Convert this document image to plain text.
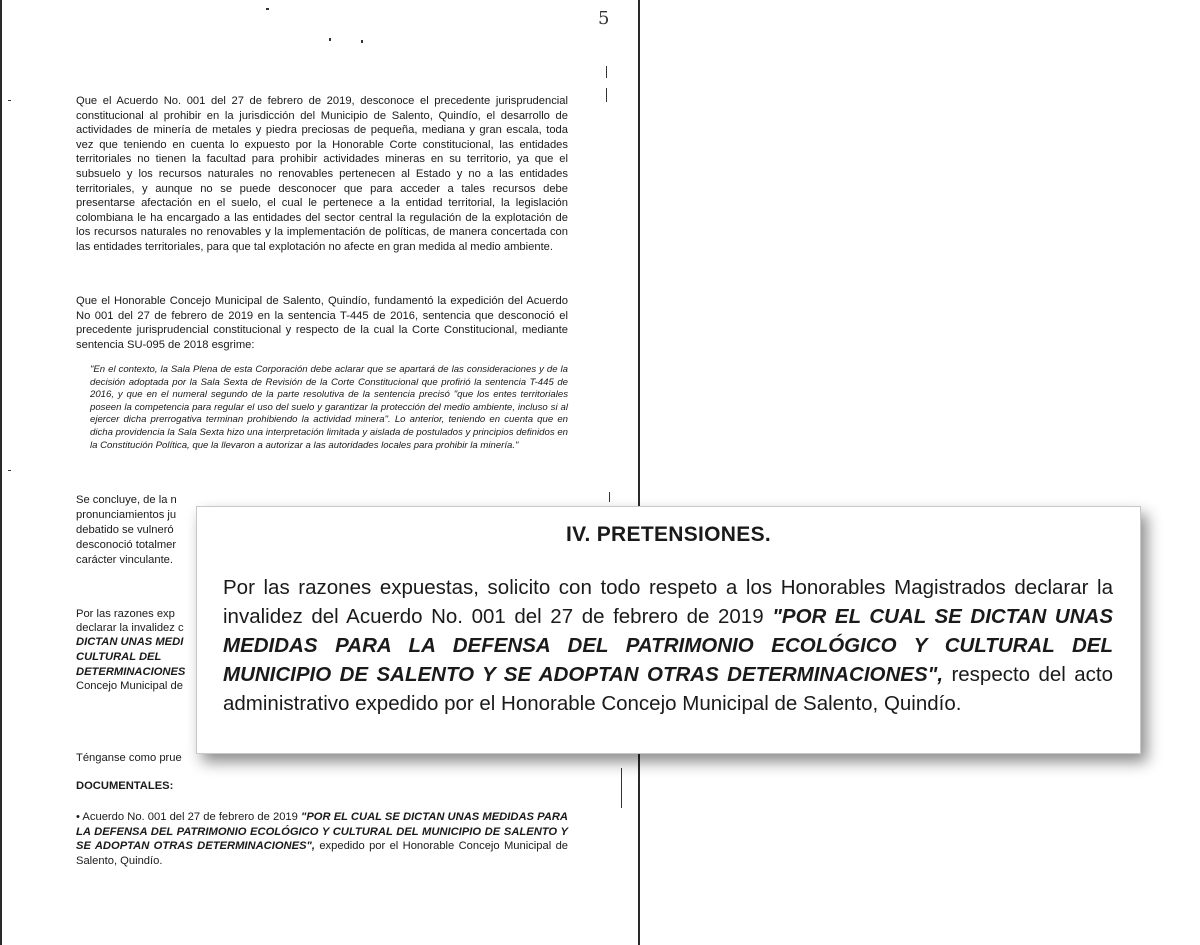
5

Que el Acuerdo No. 001 del 27 de febrero de 2019, desconoce el precedente jurisprudencial constitucional al prohibir en la jurisdicción del Municipio de Salento, Quindío, el desarrollo de actividades de minería de metales y piedra preciosas de pequeña, mediana y gran escala, toda vez que teniendo en cuenta lo expuesto por la Honorable Corte constitucional, las entidades territoriales no tienen la facultad para prohibir actividades mineras en su territorio, ya que el subsuelo y los recursos naturales no renovables pertenecen al Estado y no a las entidades territoriales, y aunque no se puede desconocer que para acceder a tales recursos debe presentarse afectación en el suelo, el cual le pertenece a la entidad territorial, la legislación colombiana le ha encargado a las entidades del sector central la regulación de la explotación de los recursos naturales no renovables y la implementación de políticas, de manera concertada con las entidades territoriales, para que tal explotación no afecte en gran medida al medio ambiente.

Que el Honorable Concejo Municipal de Salento, Quindío, fundamentó la expedición del Acuerdo No 001 del 27 de febrero de 2019 en la sentencia T-445 de 2016, sentencia que desconoció el precedente jurisprudencial constitucional y respecto de la cual la Corte Constitucional, mediante sentencia SU-095 de 2018 esgrime:

"En el contexto, la Sala Plena de esta Corporación debe aclarar que se apartará de las consideraciones y de la decisión adoptada por la Sala Sexta de Revisión de la Corte Constitucional que profirió la sentencia T-445 de 2016, y que en el numeral segundo de la parte resolutiva de la sentencia precisó "que los entes territoriales poseen la competencia para regular el uso del suelo y garantizar la protección del medio ambiente, incluso si al ejercer dicha prerrogativa terminan prohibiendo la actividad minera". Lo anterior, teniendo en cuenta que en dicha providencia la Sala Sexta hizo una interpretación limitada y aislada de postulados y principios definidos en la Constitución Política, que la llevaron a autorizar a las autoridades locales para prohibir la minería."

Se concluye, de la n

pronunciamientos ju

debatido se vulneró

desconoció totalmer

carácter vinculante.

Por las razones exp

declarar la invalidez c

DICTAN UNAS MEDI

CULTURAL DEL

DETERMINACIONES

Concejo Municipal de

Ténganse como prue

DOCUMENTALES:

• Acuerdo No. 001 del 27 de febrero de 2019 "POR EL CUAL SE DICTAN UNAS MEDIDAS PARA LA DEFENSA DEL PATRIMONIO ECOLÓGICO Y CULTURAL DEL MUNICIPIO DE SALENTO Y SE ADOPTAN OTRAS DETERMINACIONES", expedido por el Honorable Concejo Municipal de Salento, Quindío.

IV. PRETENSIONES.

Por las razones expuestas, solicito con todo respeto a los Honorables Magistrados declarar la invalidez del Acuerdo No. 001 del 27 de febrero de 2019 "POR EL CUAL SE DICTAN UNAS MEDIDAS PARA LA DEFENSA DEL PATRIMONIO ECOLÓGICO Y CULTURAL DEL MUNICIPIO DE SALENTO Y SE ADOPTAN OTRAS DETERMINACIONES", respecto del acto administrativo expedido por el Honorable Concejo Municipal de Salento, Quindío.
